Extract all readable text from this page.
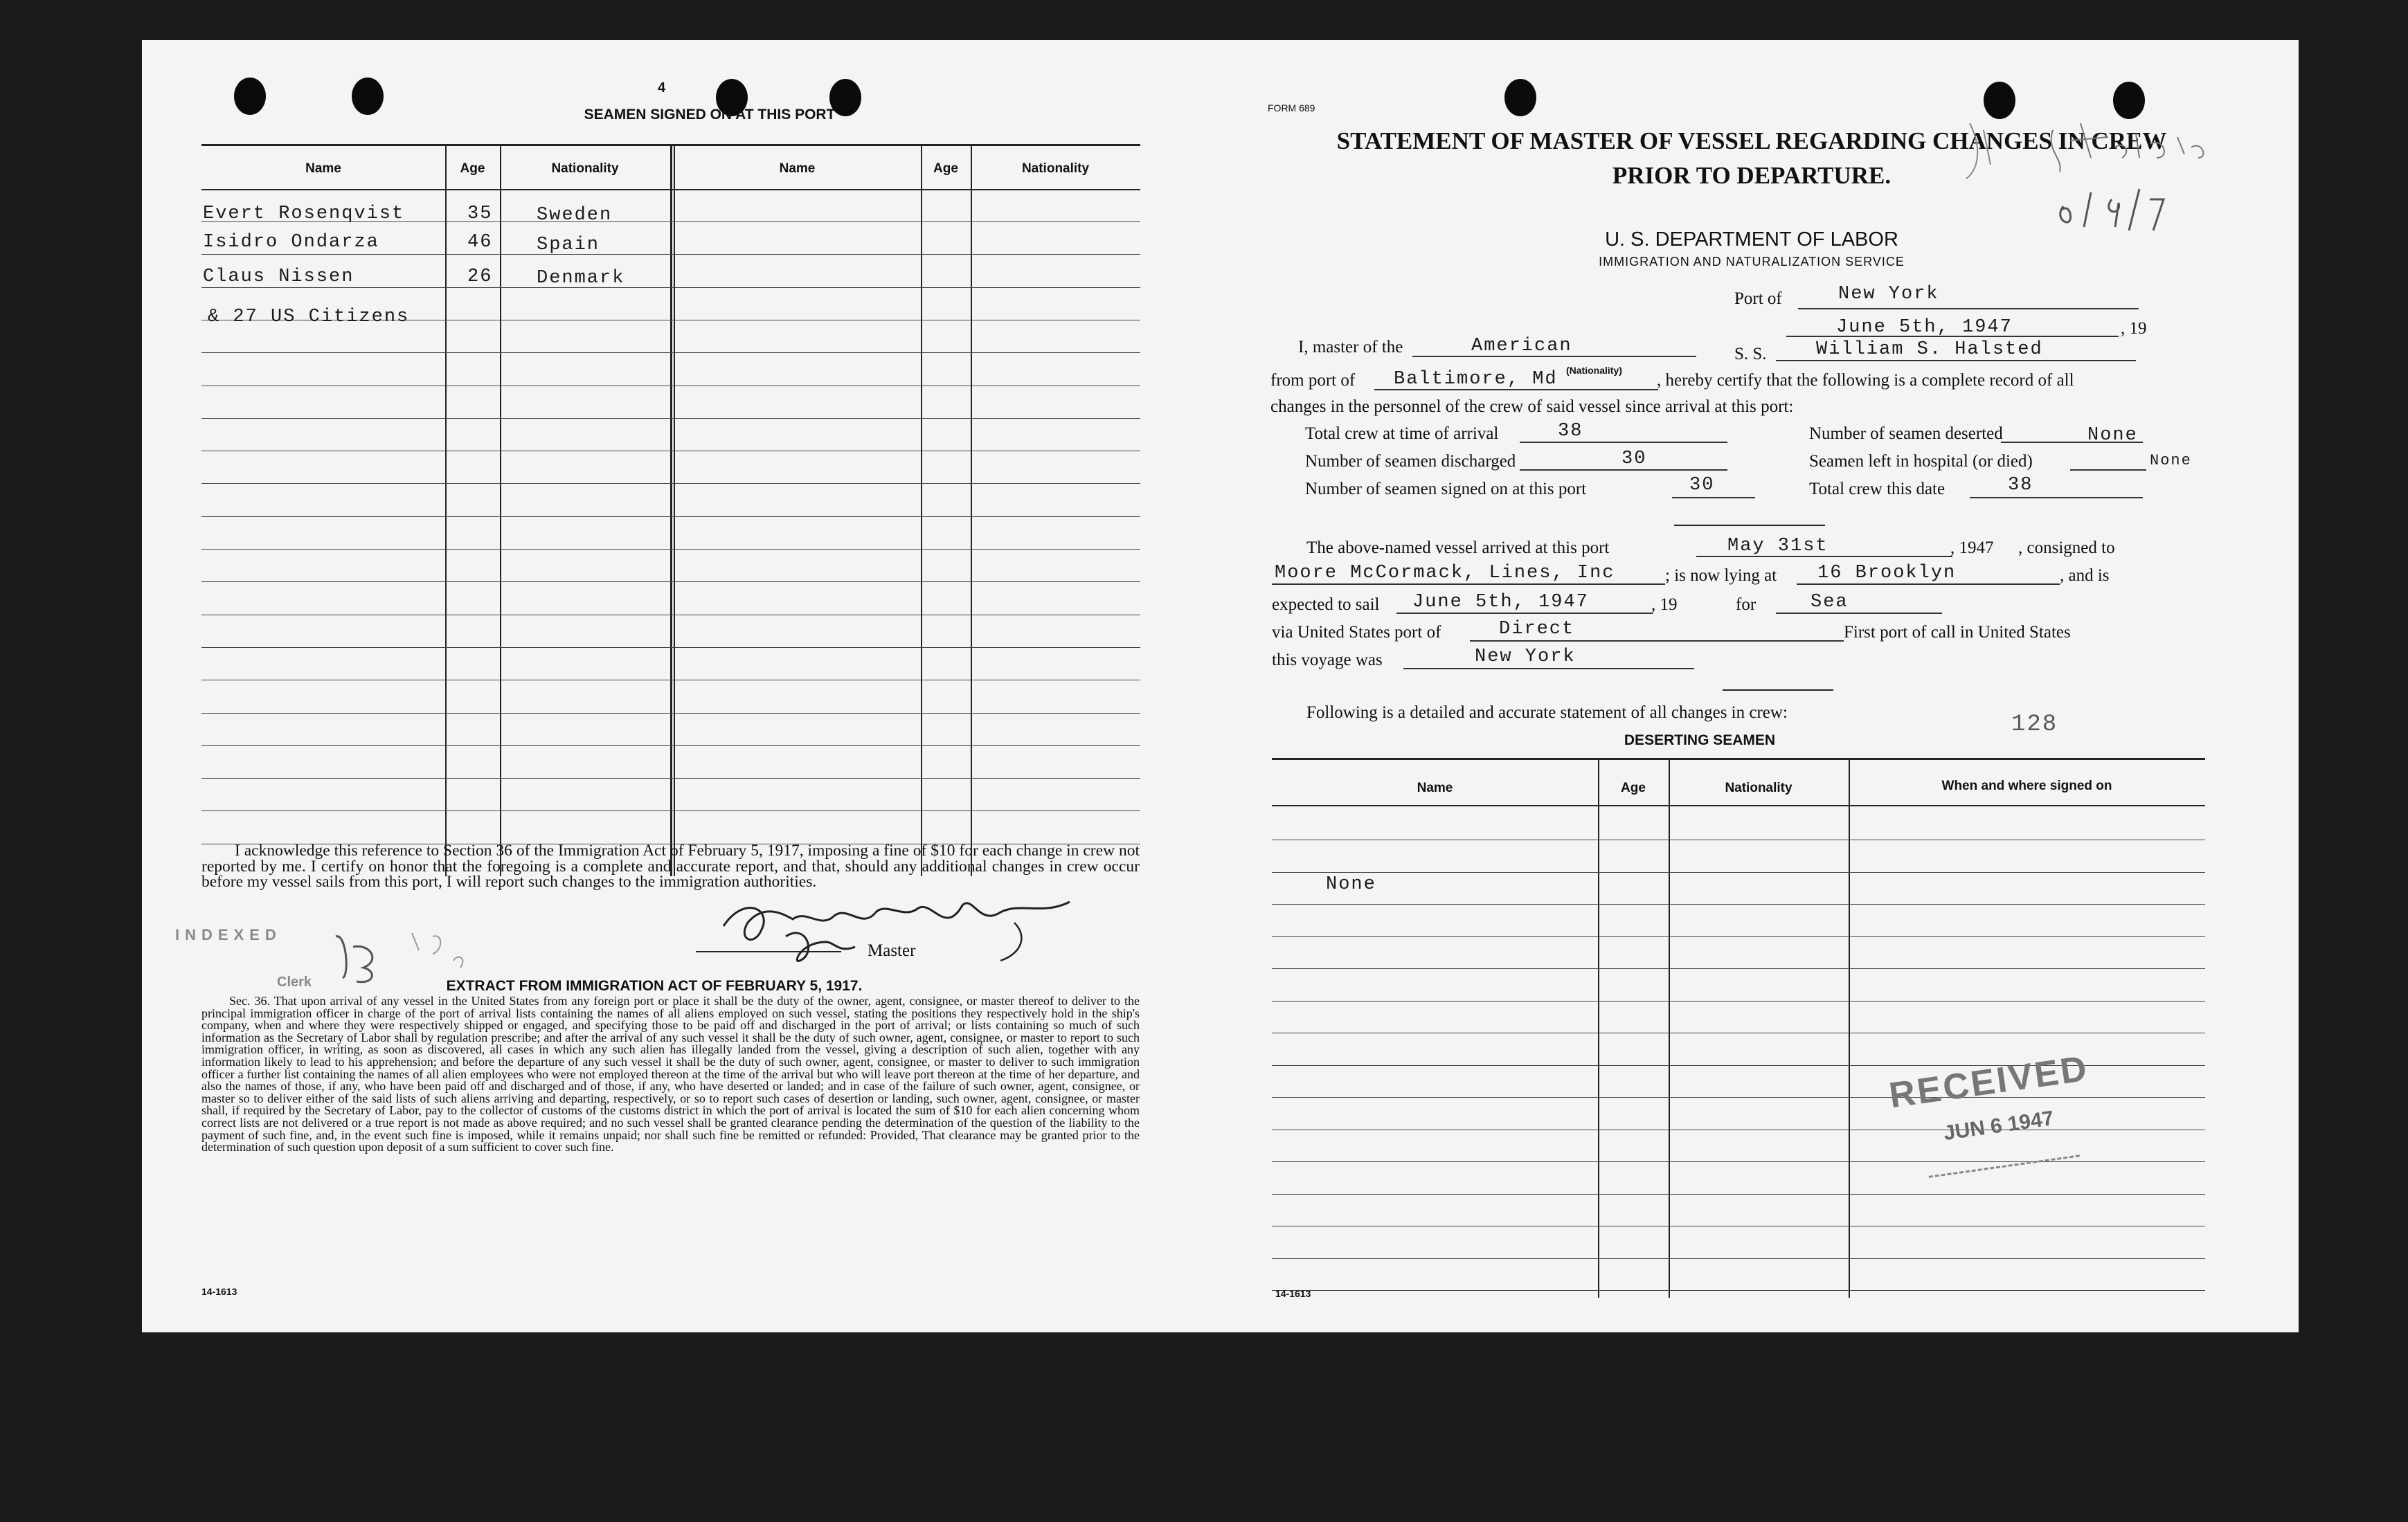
4
SEAMEN SIGNED ON AT THIS PORT
Name	Age	Nationality	Name	Age	Nationality
Evert Rosenqvist	35 Sweden
Isidro Ondarza	46 Spain
Claus Nissen	26 Denmark
& 27 US Citizens
I acknowledge this reference to Section 36 of the Immigration Act of February 5, 1917, imposing a fine of $10 for each change in crew not reported by me. I certify on honor that the foregoing is a complete and accurate report, and that, should any additional changes in crew occur before my vessel sails from this port, I will report such changes to the immigration authorities.
Master
INDEXED
Clerk	EXTRACT FROM IMMIGRATION ACT OF FEBRUARY 5, 1917.
Sec. 36. That upon arrival of any vessel in the United States from any foreign port or place it shall be the duty of the owner, agent, consignee, or master thereof to deliver to the principal immigration officer in charge of the port of arrival lists containing the names of all aliens employed on such vessel, stating the positions they respectively hold in the ship's company, when and where they were respectively shipped or engaged, and specifying those to be paid off and discharged in the port of arrival; or lists containing so much of such information as the Secretary of Labor shall by regulation prescribe; and after the arrival of any such vessel it shall be the duty of such owner, agent, consignee, or master to report to such immigration officer, in writing, as soon as discovered, all cases in which any such alien has illegally landed from the vessel, giving a description of such alien, together with any information likely to lead to his apprehension; and before the departure of any such vessel it shall be the duty of such owner, agent, consignee, or master to deliver to such immigration officer a further list containing the names of all alien employees who were not employed thereon at the time of the arrival but who will leave port thereon at the time of her departure, and also the names of those, if any, who have been paid off and discharged and of those, if any, who have deserted or landed; and in case of the failure of such owner, agent, consignee, or master so to deliver either of the said lists of such aliens arriving and departing, respectively, or so to report such cases of desertion or landing, such owner, agent, consignee, or master shall, if required by the Secretary of Labor, pay to the collector of customs of the customs district in which the port of arrival is located the sum of $10 for each alien concerning whom correct lists are not delivered or a true report is not made as above required; and no such vessel shall be granted clearance pending the determination of the question of the liability to the payment of such fine, and, in the event such fine is imposed, while it remains unpaid; nor shall such fine be remitted or refunded: Provided, That clearance may be granted prior to the determination of such question upon deposit of a sum sufficient to cover such fine.
14-1613
FORM 689
STATEMENT OF MASTER OF VESSEL REGARDING CHANGES IN CREW
PRIOR TO DEPARTURE.
U. S. DEPARTMENT OF LABOR
IMMIGRATION AND NATURALIZATION SERVICE
Port of	New York
June 5th, 1947	, 19
I, master of the	American
(Nationality)
S. S.	William S. Halsted
from port of Baltimore, Md	, hereby certify that the following is a complete record of all
changes in the personnel of the crew of said vessel since arrival at this port:
Total crew at time of arrival	38
Number of seamen discharged	30
Number of seamen signed on at this port	30
Number of seamen deserted	None
Seamen left in hospital (or died)	None
Total crew this date	38
The above-named vessel arrived at this port	May 31st	, 1947 , consigned to
Moore McCormack, Lines, Inc	; is now lying at 16 Brooklyn	, and is
expected to sail June 5th, 1947	, 19	for	Sea
via United States port of	Direct	First port of call in United States
this voyage was	New York
Following is a detailed and accurate statement of all changes in crew:	128
DESERTING SEAMEN
Name	Age	Nationality	When and where signed on
None
RECEIVED
JUN 6 1947
14-1613
